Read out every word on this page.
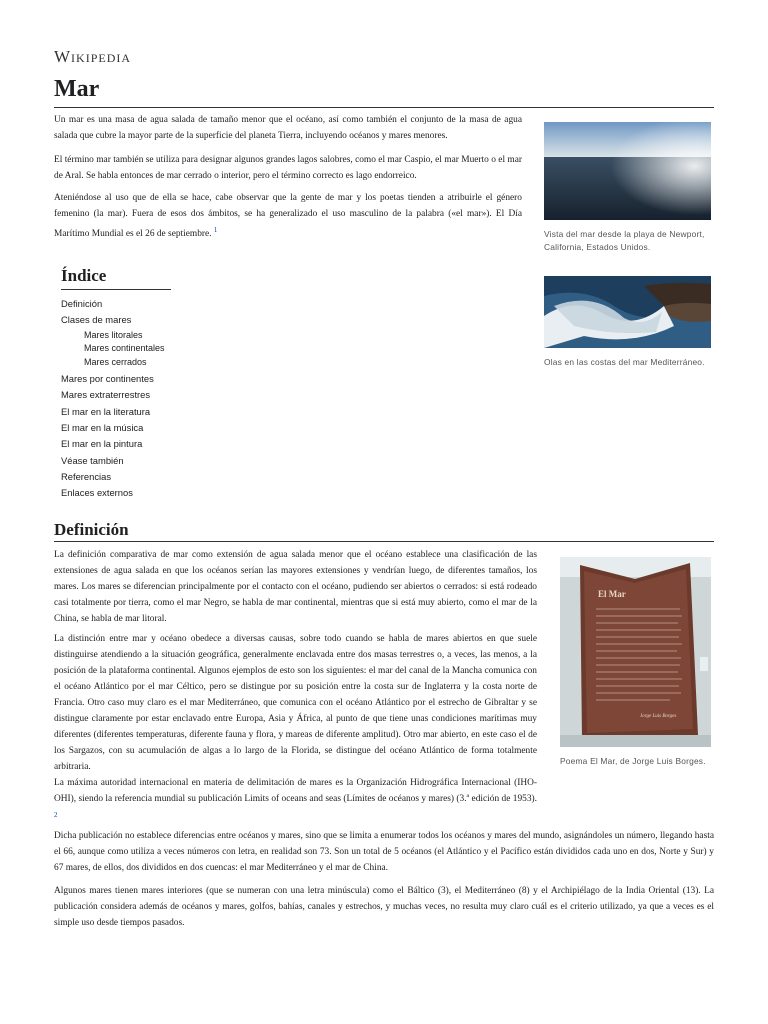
Wikipedia
Mar

Un mar es una masa de agua salada de tamaño menor que el océano, así como también el conjunto de la masa de agua salada que cubre la mayor parte de la superficie del planeta Tierra, incluyendo océanos y mares menores.

El término mar también se utiliza para designar algunos grandes lagos salobres, como el mar Caspio, el mar Muerto o el mar de Aral. Se habla entonces de mar cerrado o interior, pero el término correcto es lago endorreico.

Ateniéndose al uso que de ella se hace, cabe observar que la gente de mar y los poetas tienden a atribuirle el género femenino (la mar). Fuera de esos dos ámbitos, se ha generalizado el uso masculino de la palabra («el mar»). El Día Marítimo Mundial es el 26 de septiembre. $^1$	Vista del mar desde la playa de Newport, California, Estados Unidos.
Olas en las costas del mar Mediterráneo.
Índice
Definición
Clases de mares
Mares litorales
Mares continentales
Mares cerrados
Mares por continentes
Mares extraterrestres
El mar en la literatura
El mar en la música
El mar en la pintura
Véase también
Referencias
Enlaces externos
Definición

La definición comparativa de mar como extensión de agua salada menor que el océano establece una clasificación de las extensiones de agua salada en que los océanos serían las mayores extensiones y vendrían luego, de diferentes tamaños, los mares. Los mares se diferencian principalmente por el contacto con el océano, pudiendo ser abiertos o cerrados: si está rodeado casi totalmente por tierra, como el mar Negro, se habla de mar continental, mientras que si está muy abierto, como el mar de la China, se habla de mar litoral.

La distinción entre mar y océano obedece a diversas causas, sobre todo cuando se habla de mares abiertos en que suele distinguirse atendiendo a la situación geográfica, generalmente enclavada entre dos masas terrestres o, a veces, las menos, a la posición de la plataforma continental. Algunos ejemplos de esto son los siguientes: el mar del canal de la Mancha comunica con el océano Atlántico por el mar Céltico, pero se distingue por su posición entre la costa sur de Inglaterra y la costa norte de Francia. Otro caso muy claro es el mar Mediterráneo, que comunica con el océano Atlántico por el estrecho de Gibraltar y se distingue claramente por estar enclavado entre Europa, Asia y África, al punto de que tiene unas condiciones marítimas muy diferentes (diferentes temperaturas, diferente fauna y flora, y mareas de diferente amplitud). Otro mar abierto, en este caso el de los Sargazos, con su acumulación de algas a lo largo de la Florida, se distingue del océano Atlántico de forma totalmente arbitraria.

La máxima autoridad internacional en materia de delimitación de mares es la Organización Hidrográfica Internacional (IHO-OHI), siendo la referencia mundial su publicación Limits of oceans and seas (Límites de océanos y mares) (3.ª edición de 1953). $^2$

Dicha publicación no establece diferencias entre océanos y mares, sino que se limita a enumerar todos los océanos y mares del mundo, asignándoles un número, llegando hasta el 66, aunque como utiliza a veces números con letra, en realidad son 73. Son un total de 5 océanos (el Atlántico y el Pacífico están divididos cada uno en dos, Norte y Sur) y 67 mares, de ellos, dos divididos en dos cuencas: el mar Mediterráneo y el mar de China.

Algunos mares tienen mares interiores (que se numeran con una letra minúscula) como el Báltico (3), el Mediterráneo (8) y el Archipiélago de la India Oriental (13). La publicación considera además de océanos y mares, golfos, bahías, canales y estrechos, y muchas veces, no resulta muy claro cuál es el criterio utilizado, ya que a veces es el simple uso desde tiempos pasados.

El Mar
Jorge Luis Borges
Poema El Mar, de Jorge Luis Borges.
